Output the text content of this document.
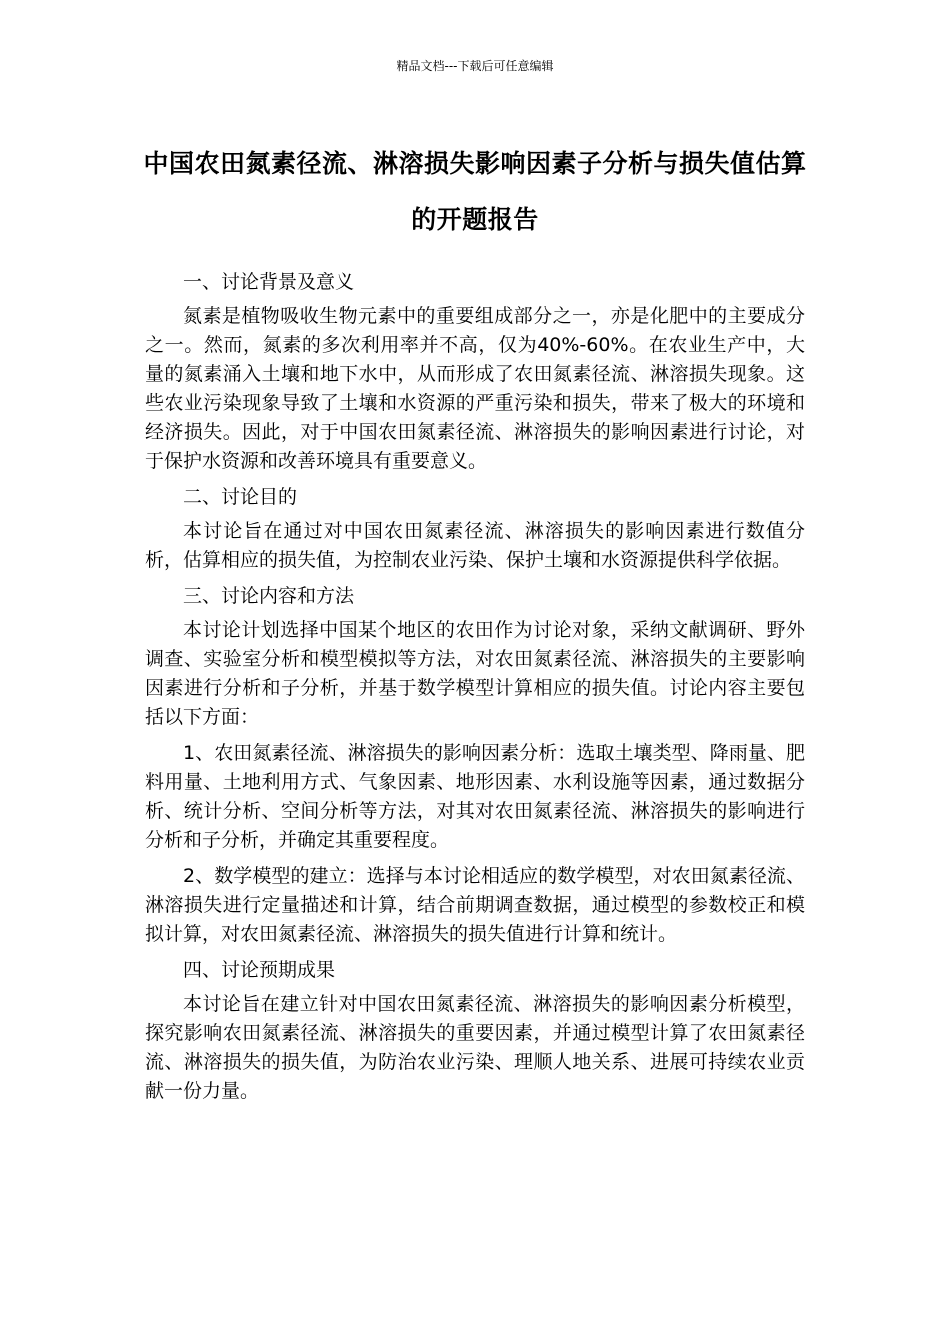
精品文档---下载后可任意编辑
中国农田氮素径流、淋溶损失影响因素子分析与损失值估算的开题报告

一、讨论背景及意义

氮素是植物吸收生物元素中的重要组成部分之一，亦是化肥中的主要成分之一。然而，氮素的多次利用率并不高，仅为40%-60%。在农业生产中，大量的氮素涌入土壤和地下水中，从而形成了农田氮素径流、淋溶损失现象。这些农业污染现象导致了土壤和水资源的严重污染和损失，带来了极大的环境和经济损失。因此，对于中国农田氮素径流、淋溶损失的影响因素进行讨论，对于保护水资源和改善环境具有重要意义。

二、讨论目的

本讨论旨在通过对中国农田氮素径流、淋溶损失的影响因素进行数值分析，估算相应的损失值，为控制农业污染、保护土壤和水资源提供科学依据。

三、讨论内容和方法

本讨论计划选择中国某个地区的农田作为讨论对象，采纳文献调研、野外调查、实验室分析和模型模拟等方法，对农田氮素径流、淋溶损失的主要影响因素进行分析和子分析，并基于数学模型计算相应的损失值。讨论内容主要包括以下方面：

1、农田氮素径流、淋溶损失的影响因素分析：选取土壤类型、降雨量、肥料用量、土地利用方式、气象因素、地形因素、水利设施等因素，通过数据分析、统计分析、空间分析等方法，对其对农田氮素径流、淋溶损失的影响进行分析和子分析，并确定其重要程度。

2、数学模型的建立：选择与本讨论相适应的数学模型，对农田氮素径流、淋溶损失进行定量描述和计算，结合前期调查数据，通过模型的参数校正和模拟计算，对农田氮素径流、淋溶损失的损失值进行计算和统计。

四、讨论预期成果

本讨论旨在建立针对中国农田氮素径流、淋溶损失的影响因素分析模型，探究影响农田氮素径流、淋溶损失的重要因素，并通过模型计算了农田氮素径流、淋溶损失的损失值，为防治农业污染、理顺人地关系、进展可持续农业贡献一份力量。
